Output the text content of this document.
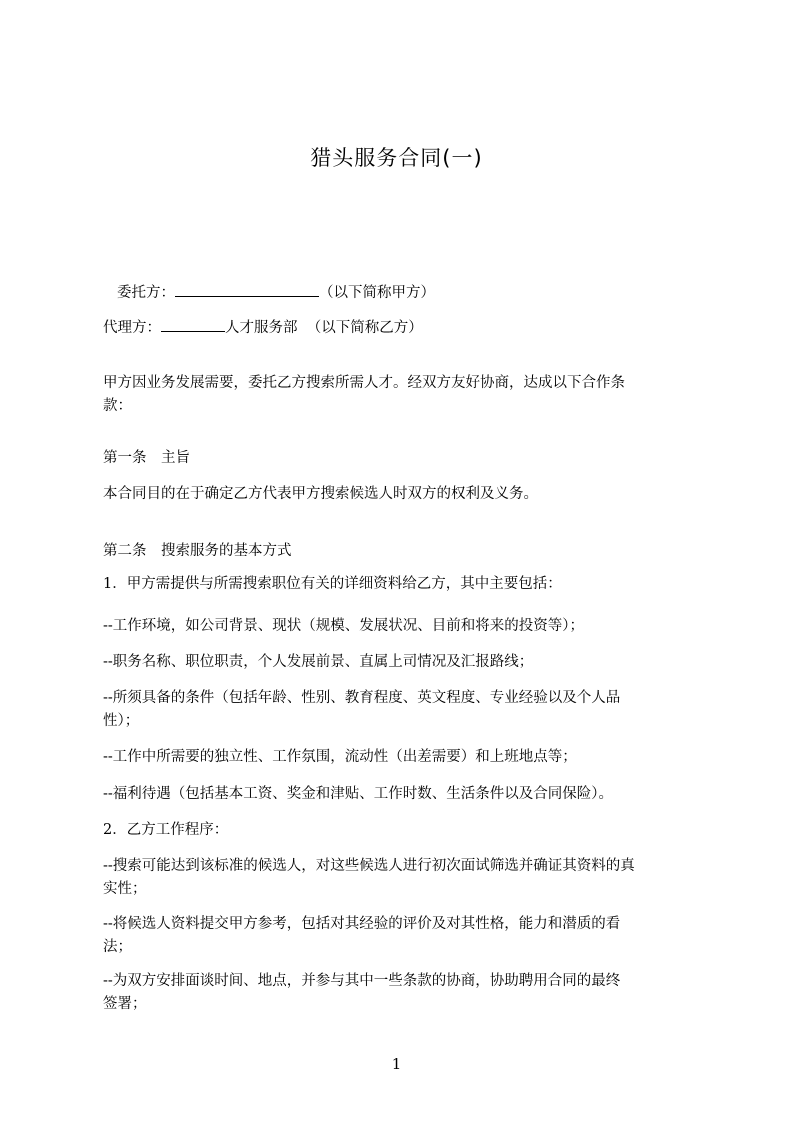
猎头服务合同(一)
委托方：	（以下简称甲方）
代理方：	人才服务部 （以下简称乙方）
甲方因业务发展需要，委托乙方搜索所需人才。经双方友好协商，达成以下合作条款：
第一条　主旨
本合同目的在于确定乙方代表甲方搜索候选人时双方的权利及义务。
第二条　搜索服务的基本方式
1．甲方需提供与所需搜索职位有关的详细资料给乙方，其中主要包括：
--工作环境，如公司背景、现状（规模、发展状况、目前和将来的投资等）；
--职务名称、职位职责，个人发展前景、直属上司情况及汇报路线；
--所须具备的条件（包括年龄、性别、教育程度、英文程度、专业经验以及个人品性）；
--工作中所需要的独立性、工作氛围，流动性（出差需要）和上班地点等；
--福利待遇（包括基本工资、奖金和津贴、工作时数、生活条件以及合同保险）。
2．乙方工作程序：
--搜索可能达到该标准的候选人，对这些候选人进行初次面试筛选并确证其资料的真实性；
--将候选人资料提交甲方参考，包括对其经验的评价及对其性格，能力和潜质的看法；
--为双方安排面谈时间、地点，并参与其中一些条款的协商，协助聘用合同的最终签署；
1
